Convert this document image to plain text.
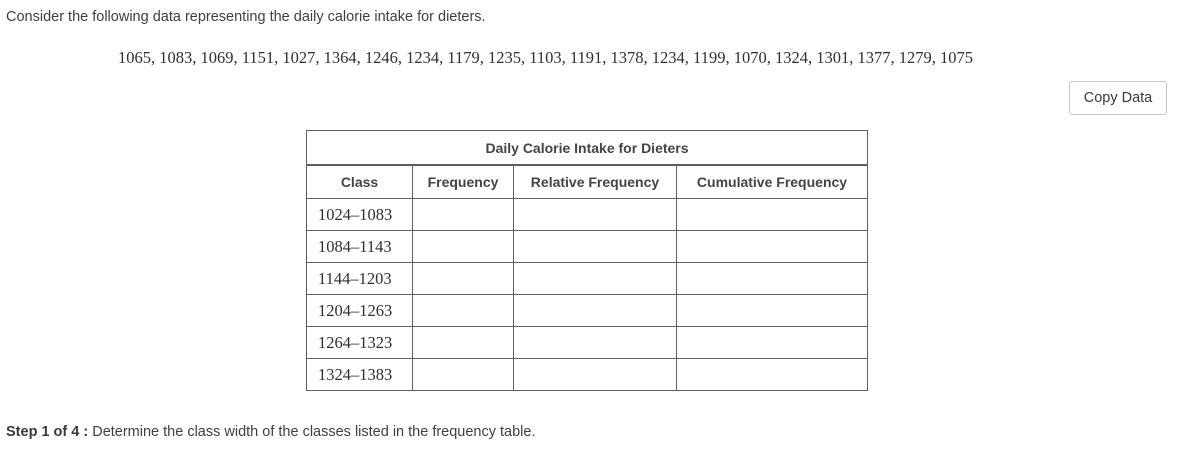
Consider the following data representing the daily calorie intake for dieters.
1065, 1083, 1069, 1151, 1027, 1364, 1246, 1234, 1179, 1235, 1103, 1191, 1378, 1234, 1199, 1070, 1324, 1301, 1377, 1279, 1075
Copy Data
Daily Calorie Intake for Dieters			
Class	Frequency	Relative Frequency	Cumulative Frequency
1024–1083			
1084–1143			
1144–1203			
1204–1263			
1264–1323			
1324–1383			
Step 1 of 4 : Determine the class width of the classes listed in the frequency table.
